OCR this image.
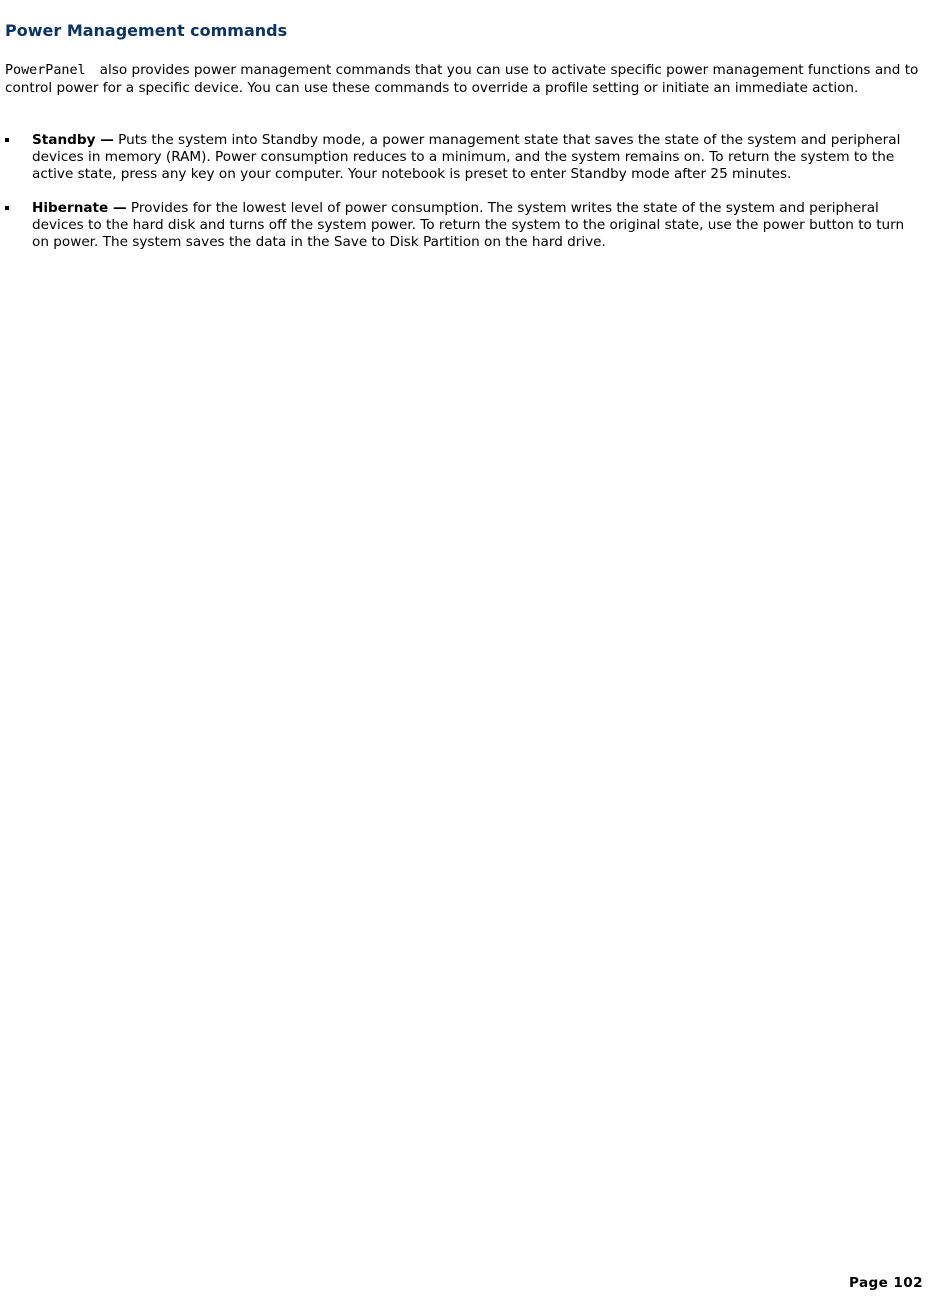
Power Management commands

PowerPanel also provides power management commands that you can use to activate specific power management functions and to control power for a specific device. You can use these commands to override a profile setting or initiate an immediate action.

Standby — Puts the system into Standby mode, a power management state that saves the state of the system and peripheral devices in memory (RAM). Power consumption reduces to a minimum, and the system remains on. To return the system to the active state, press any key on your computer. Your notebook is preset to enter Standby mode after 25 minutes.
Hibernate — Provides for the lowest level of power consumption. The system writes the state of the system and peripheral devices to the hard disk and turns off the system power. To return the system to the original state, use the power button to turn on power. The system saves the data in the Save to Disk Partition on the hard drive.
Page 102
